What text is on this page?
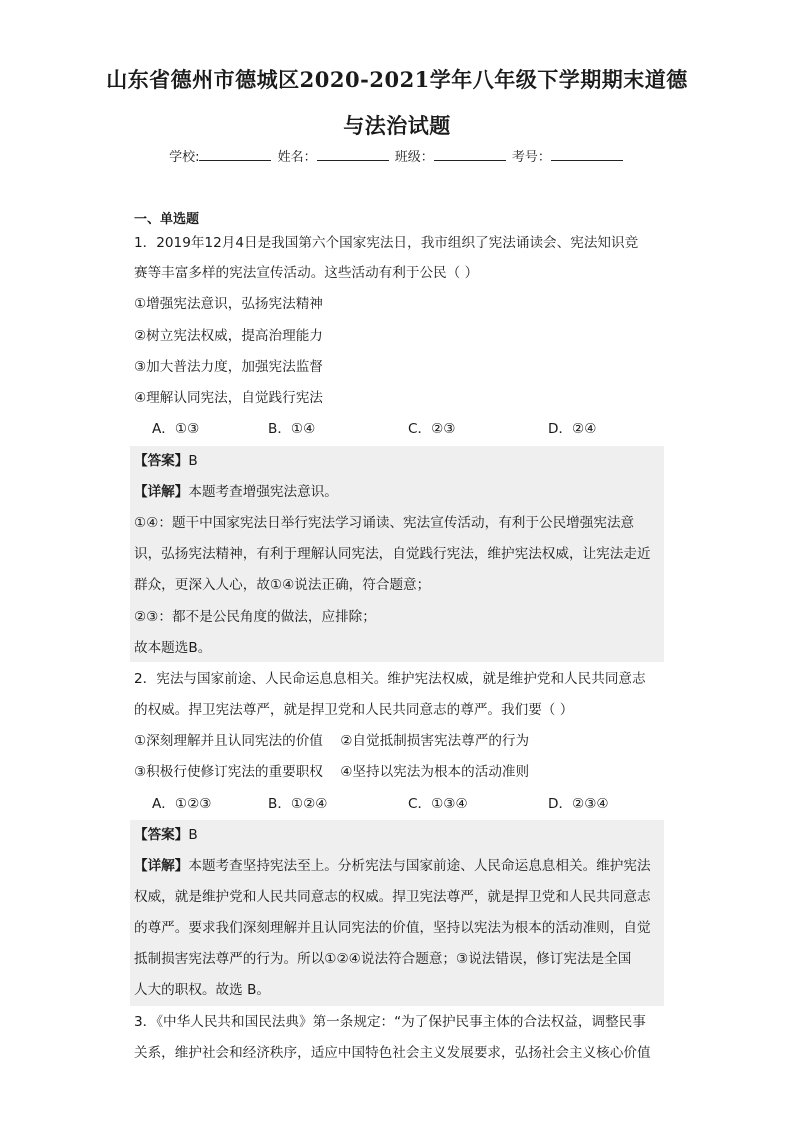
山东省德州市德城区2020-2021学年八年级下学期期末道德
与法治试题
学校:	姓名：	班级：	考号：
一、单选题
1．2019年12月4日是我国第六个国家宪法日，我市组织了宪法诵读会、宪法知识竞
赛等丰富多样的宪法宣传活动。这些活动有利于公民（ ）
①增强宪法意识，弘扬宪法精神
②树立宪法权威，提高治理能力
③加大普法力度，加强宪法监督
④理解认同宪法，自觉践行宪法
A．①③	B．①④	C．②③	D．②④
【答案】B
【详解】本题考查增强宪法意识。
①④：题干中国家宪法日举行宪法学习诵读、宪法宣传活动，有利于公民增强宪法意
识，弘扬宪法精神，有利于理解认同宪法，自觉践行宪法，维护宪法权威，让宪法走近
群众，更深入人心，故①④说法正确，符合题意；
②③：都不是公民角度的做法，应排除；
故本题选B。
2．宪法与国家前途、人民命运息息相关。维护宪法权威，就是维护党和人民共同意志
的权威。捍卫宪法尊严，就是捍卫党和人民共同意志的尊严。我们要（ ）
①深刻理解并且认同宪法的价值 ②自觉抵制损害宪法尊严的行为
③积极行使修订宪法的重要职权 ④坚持以宪法为根本的活动准则
A．①②③	B．①②④	C．①③④	D．②③④
【答案】B
【详解】本题考查坚持宪法至上。分析宪法与国家前途、人民命运息息相关。维护宪法
权威，就是维护党和人民共同意志的权威。捍卫宪法尊严，就是捍卫党和人民共同意志
的尊严。要求我们深刻理解并且认同宪法的价值，坚持以宪法为根本的活动准则，自觉
抵制损害宪法尊严的行为。所以①②④说法符合题意；③说法错误，修订宪法是全国
人大的职权。故选 B。
3．《中华人民共和国民法典》第一条规定：“为了保护民事主体的合法权益，调整民事
关系，维护社会和经济秩序，适应中国特色社会主义发展要求，弘扬社会主义核心价值
